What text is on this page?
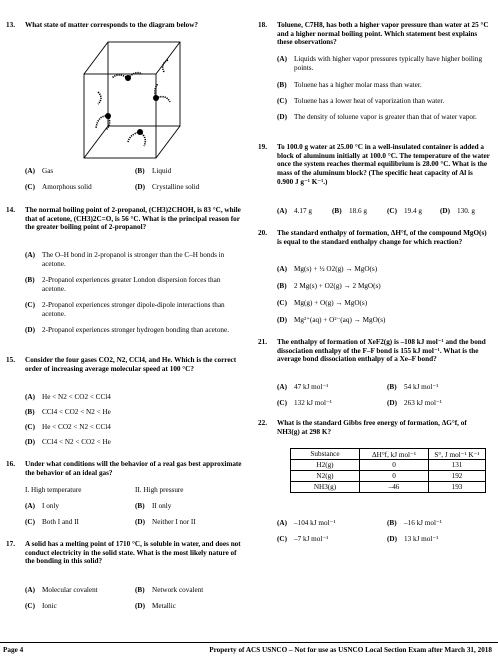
13. What state of matter corresponds to the diagram below?
(A) Gas	(B) Liquid
(C) Amorphous solid	(D) Crystalline solid
14. The normal boiling point of 2-propanol, (CH3)2CHOH, is 83 °C, while that of acetone, (CH3)2C=O, is 56 °C. What is the principal reason for the greater boiling point of 2-propanol?
(A) The O–H bond in 2-propanol is stronger than the C–H bonds in acetone.
(B) 2-Propanol experiences greater London dispersion forces than acetone.
(C) 2-Propanol experiences stronger dipole-dipole interactions than acetone.
(D) 2-Propanol experiences stronger hydrogen bonding than acetone.
15. Consider the four gases CO2, N2, CCl4, and He. Which is the correct order of increasing average molecular speed at 100 °C?
(A) He < N2 < CO2 < CCl4
(B) CCl4 < CO2 < N2 < He
(C) He < CO2 < N2 < CCl4
(D) CCl4 < N2 < CO2 < He
16. Under what conditions will the behavior of a real gas best approximate the behavior of an ideal gas?
I. High temperature	II. High pressure
(A) I only	(B) II only
(C) Both I and II	(D) Neither I nor II
17. A solid has a melting point of 1710 °C, is soluble in water, and does not conduct electricity in the solid state. What is the most likely nature of the bonding in this solid?
(A) Molecular covalent	(B) Network covalent
(C) Ionic	(D) Metallic
18. Toluene, C7H8, has both a higher vapor pressure than water at 25 °C and a higher normal boiling point. Which statement best explains these observations?
(A) Liquids with higher vapor pressures typically have higher boiling points.
(B) Toluene has a higher molar mass than water.
(C) Toluene has a lower heat of vaporization than water.
(D) The density of toluene vapor is greater than that of water vapor.
19. To 100.0 g water at 25.00 °C in a well-insulated container is added a block of aluminum initially at 100.0 °C. The temperature of the water once the system reaches thermal equilibrium is 28.00 °C. What is the mass of the aluminum block? (The specific heat capacity of Al is 0.900 J g⁻¹ K⁻¹.)
(A) 4.17 g	(B) 18.6 g	(C) 19.4 g	(D) 130. g
20. The standard enthalpy of formation, ΔH°f, of the compound MgO(s) is equal to the standard enthalpy change for which reaction?
(A) Mg(s) + ½ O2(g) → MgO(s)
(B) 2 Mg(s) + O2(g) → 2 MgO(s)
(C) Mg(g) + O(g) → MgO(s)
(D) Mg²⁺(aq) + O²⁻(aq) → MgO(s)
21. The enthalpy of formation of XeF2(g) is –108 kJ mol⁻¹ and the bond dissociation enthalpy of the F–F bond is 155 kJ mol⁻¹. What is the average bond dissociation enthalpy of a Xe–F bond?
(A) 47 kJ mol⁻¹	(B) 54 kJ mol⁻¹
(C) 132 kJ mol⁻¹	(D) 263 kJ mol⁻¹
22. What is the standard Gibbs free energy of formation, ΔG°f, of NH3(g) at 298 K?
Substance	ΔH°f, kJ mol⁻¹	S°, J mol⁻¹ K⁻¹
H2(g)	0	131
N2(g)	0	192
NH3(g)	–46	193
(A) –104 kJ mol⁻¹	(B) –16 kJ mol⁻¹
(C) –7 kJ mol⁻¹	(D) 13 kJ mol⁻¹
Page 4	Property of ACS USNCO – Not for use as USNCO Local Section Exam after March 31, 2018
